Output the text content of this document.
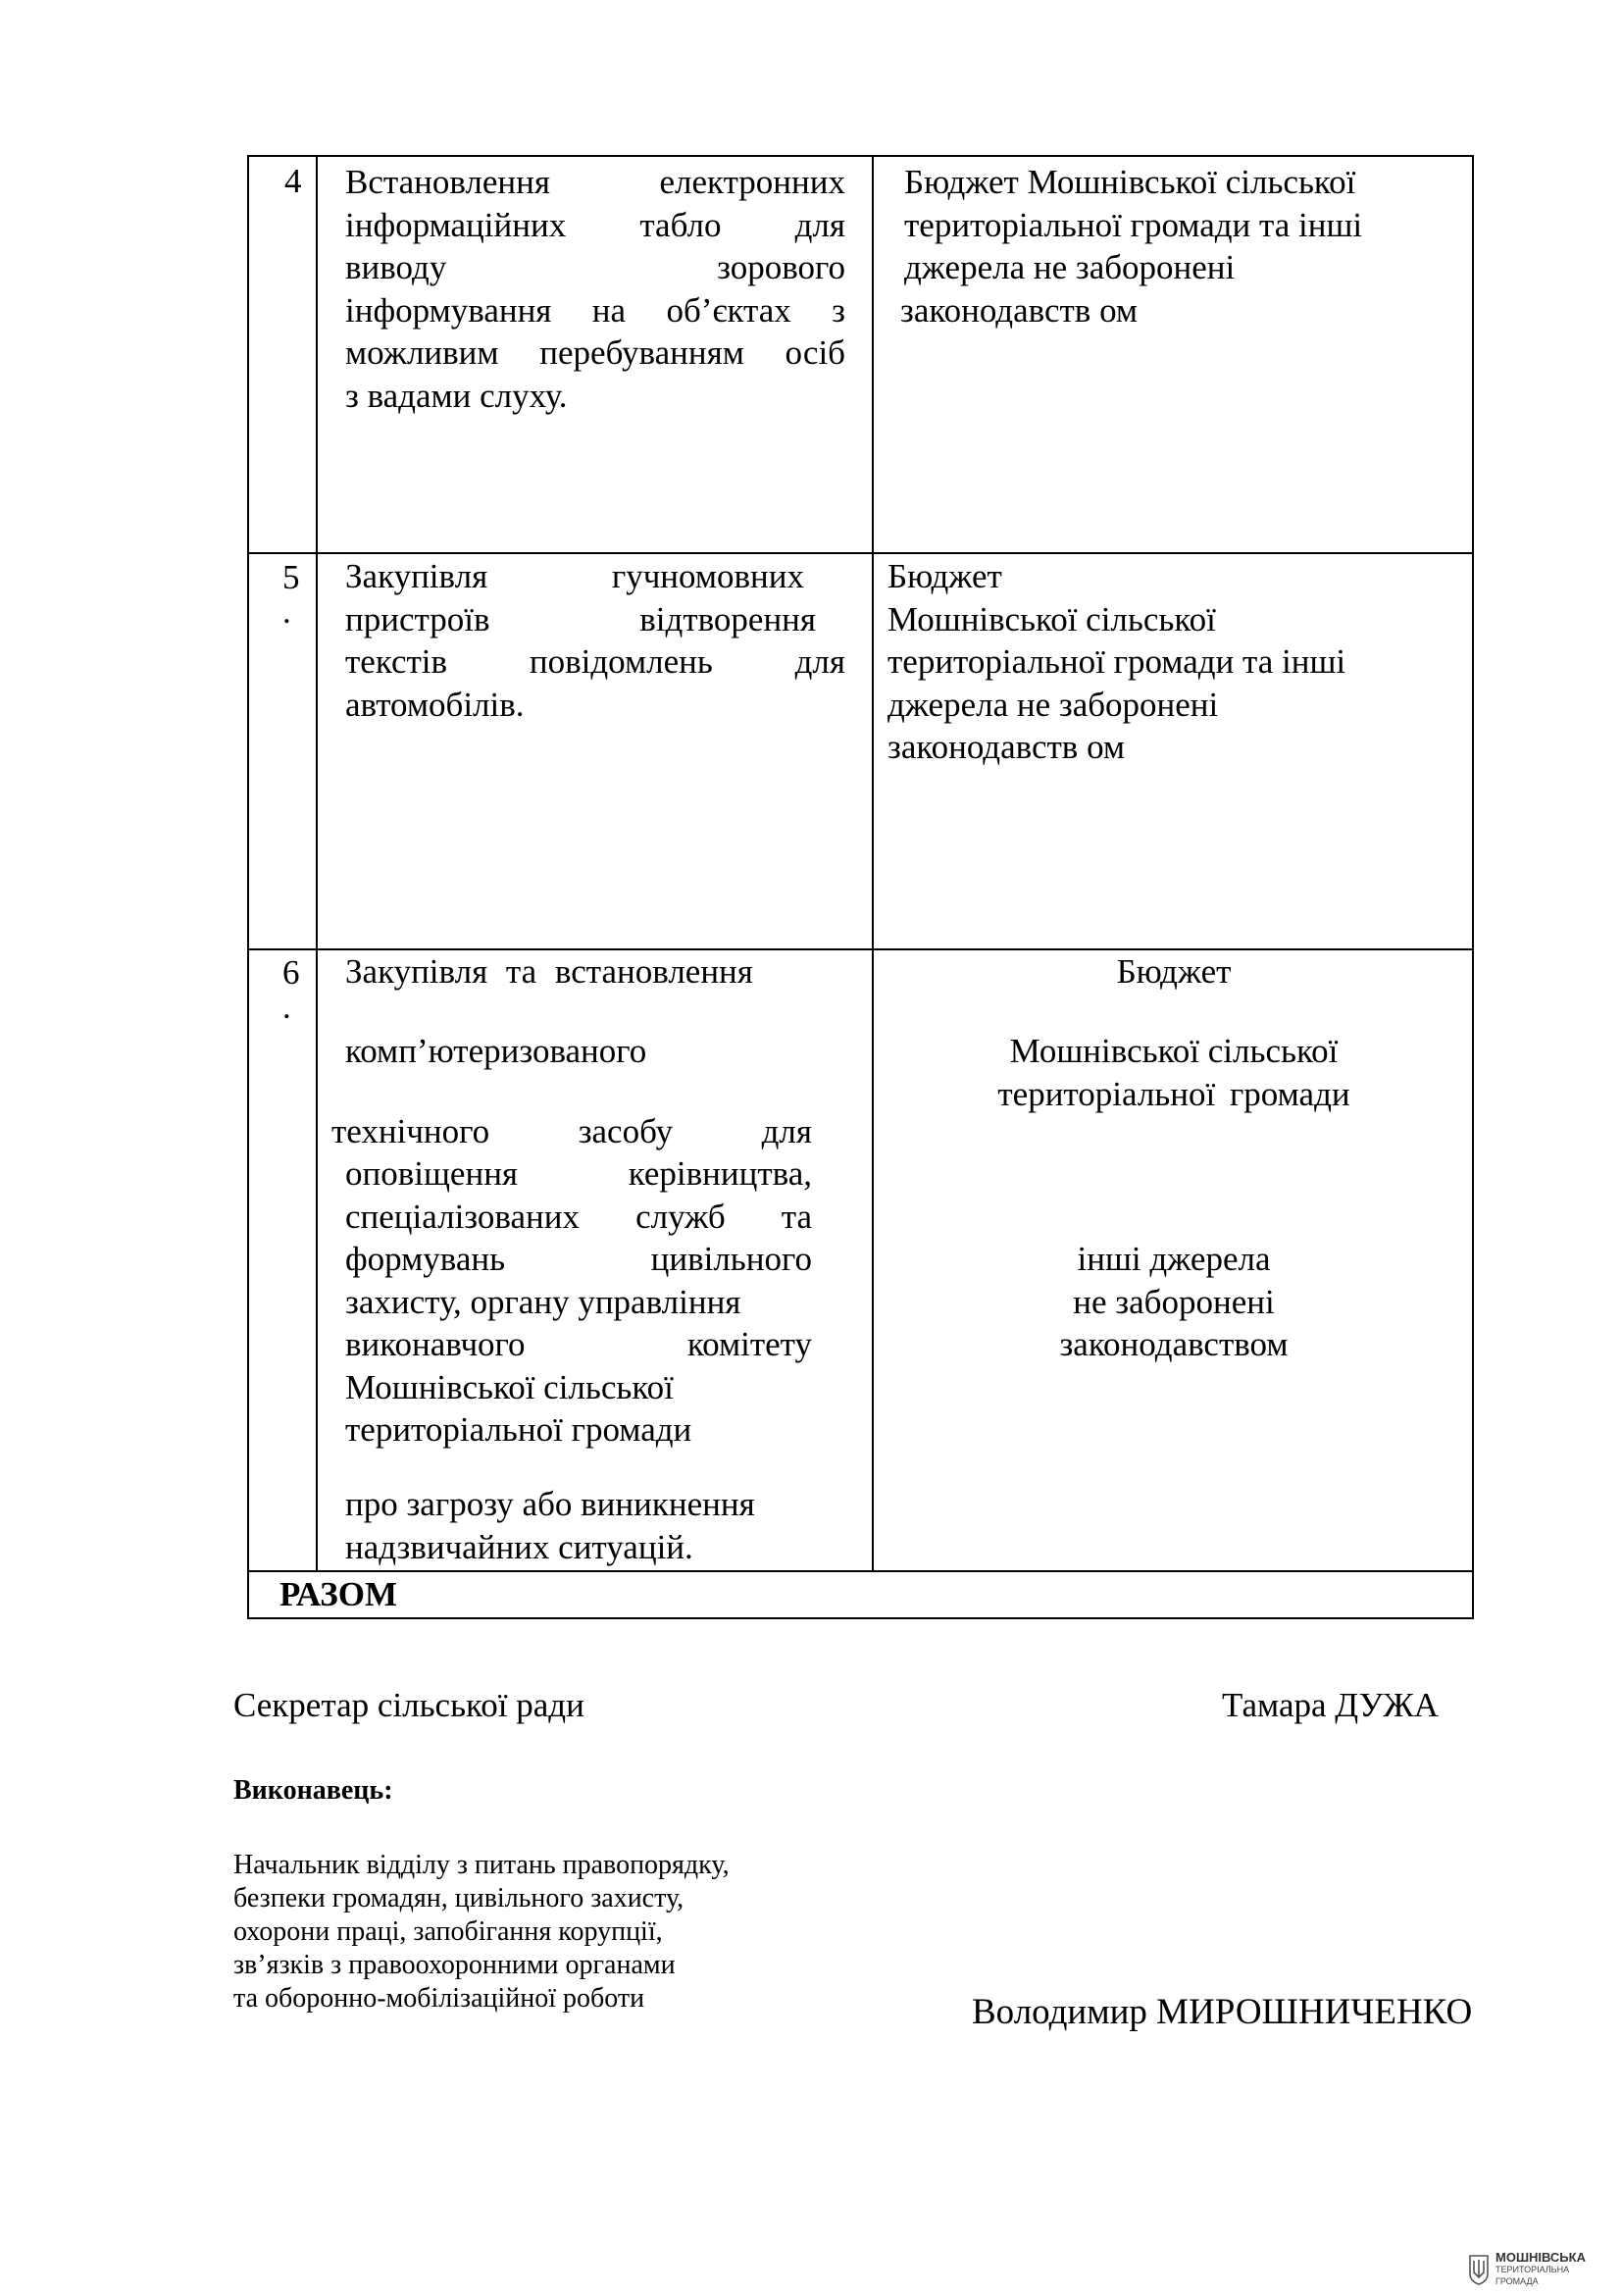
4 Встановлення електронних
інформаційних табло для
виводу зорового
інформування на об’єктах з
можливим перебуванням осіб
з вадами слуху.
Бюджет Мошнівської сільської
територіальної громади та інші
джерела не заборонені
законодавств ом
5
.
Закупівля гучномовних
пристроїв відтворення
текстів повідомлень для
автомобілів.
Бюджет
Мошнівської сільської
територіальної громади та інші
джерела не заборонені
законодавств ом
6
.
Закупівля та встановлення
комп’ютеризованого
технічного засобу для
оповіщення керівництва,
спеціалізованих служб та
формувань цивільного
захисту, органу управління
виконавчого комітету
Мошнівської сільської
територіальної громади
про загрозу або виникнення
надзвичайних ситуацій.
Бюджет
Мошнівської сільської
територіальної громади
інші джерела
не заборонені
законодавством
РАЗОМ
Секретар сільської ради	Тамара ДУЖА
Виконавець:
Начальник відділу з питань правопорядку,
безпеки громадян, цивільного захисту,
охорони праці, запобігання корупції,
зв’язків з правоохоронними органами
та оборонно-мобілізаційної роботи	Володимир МИРОШНИЧЕНКО
МОШНІВСЬКА
ТЕРИТОРІАЛЬНА
ГРОМАДА
